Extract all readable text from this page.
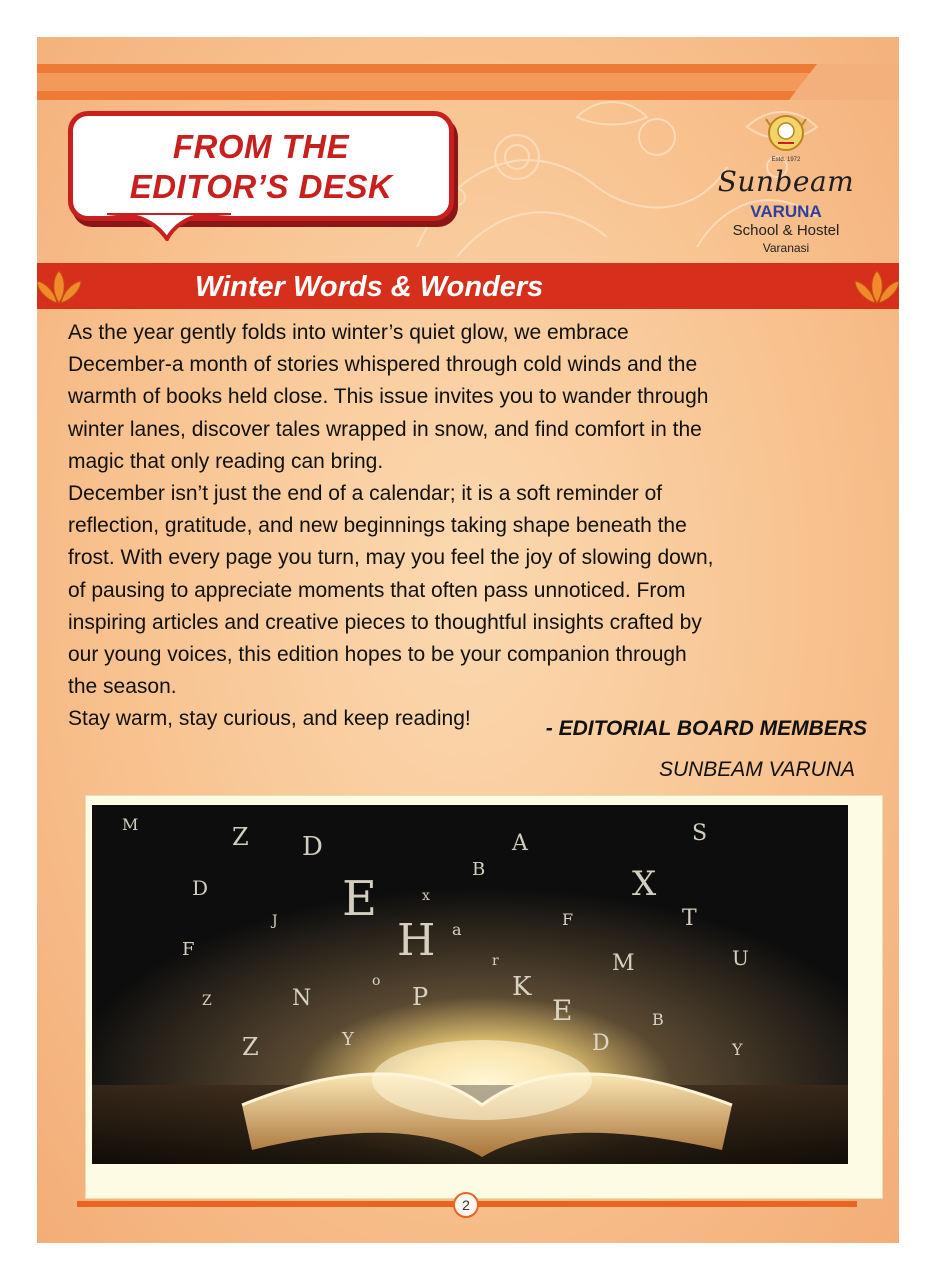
FROM THE
EDITOR’S DESK
Estd. 1972
Sunbeam
VARUNA
School & Hostel
Varanasi
Winter Words & Wonders

As the year gently folds into winter’s quiet glow, we embrace

December-a month of stories whispered through cold winds and the

warmth of books held close. This issue invites you to wander through

winter lanes, discover tales wrapped in snow, and find comfort in the

magic that only reading can bring.

December isn’t just the end of a calendar; it is a soft reminder of

reflection, gratitude, and new beginnings taking shape beneath the

frost. With every page you turn, may you feel the joy of slowing down,

of pausing to appreciate moments that often pass unnoticed. From

inspiring articles and creative pieces to thoughtful insights crafted by

our young voices, this edition hopes to be your companion through

the season.

Stay warm, stay curious, and keep reading!	- EDITORIAL BOARD MEMBERS
SUNBEAM VARUNA
E
H
D
Z
D
A
X
S
T
M
E
K
P
N
Z	D
U
B
F
Y
a
F
B
M
Y
x
o
r
J
Z
2
